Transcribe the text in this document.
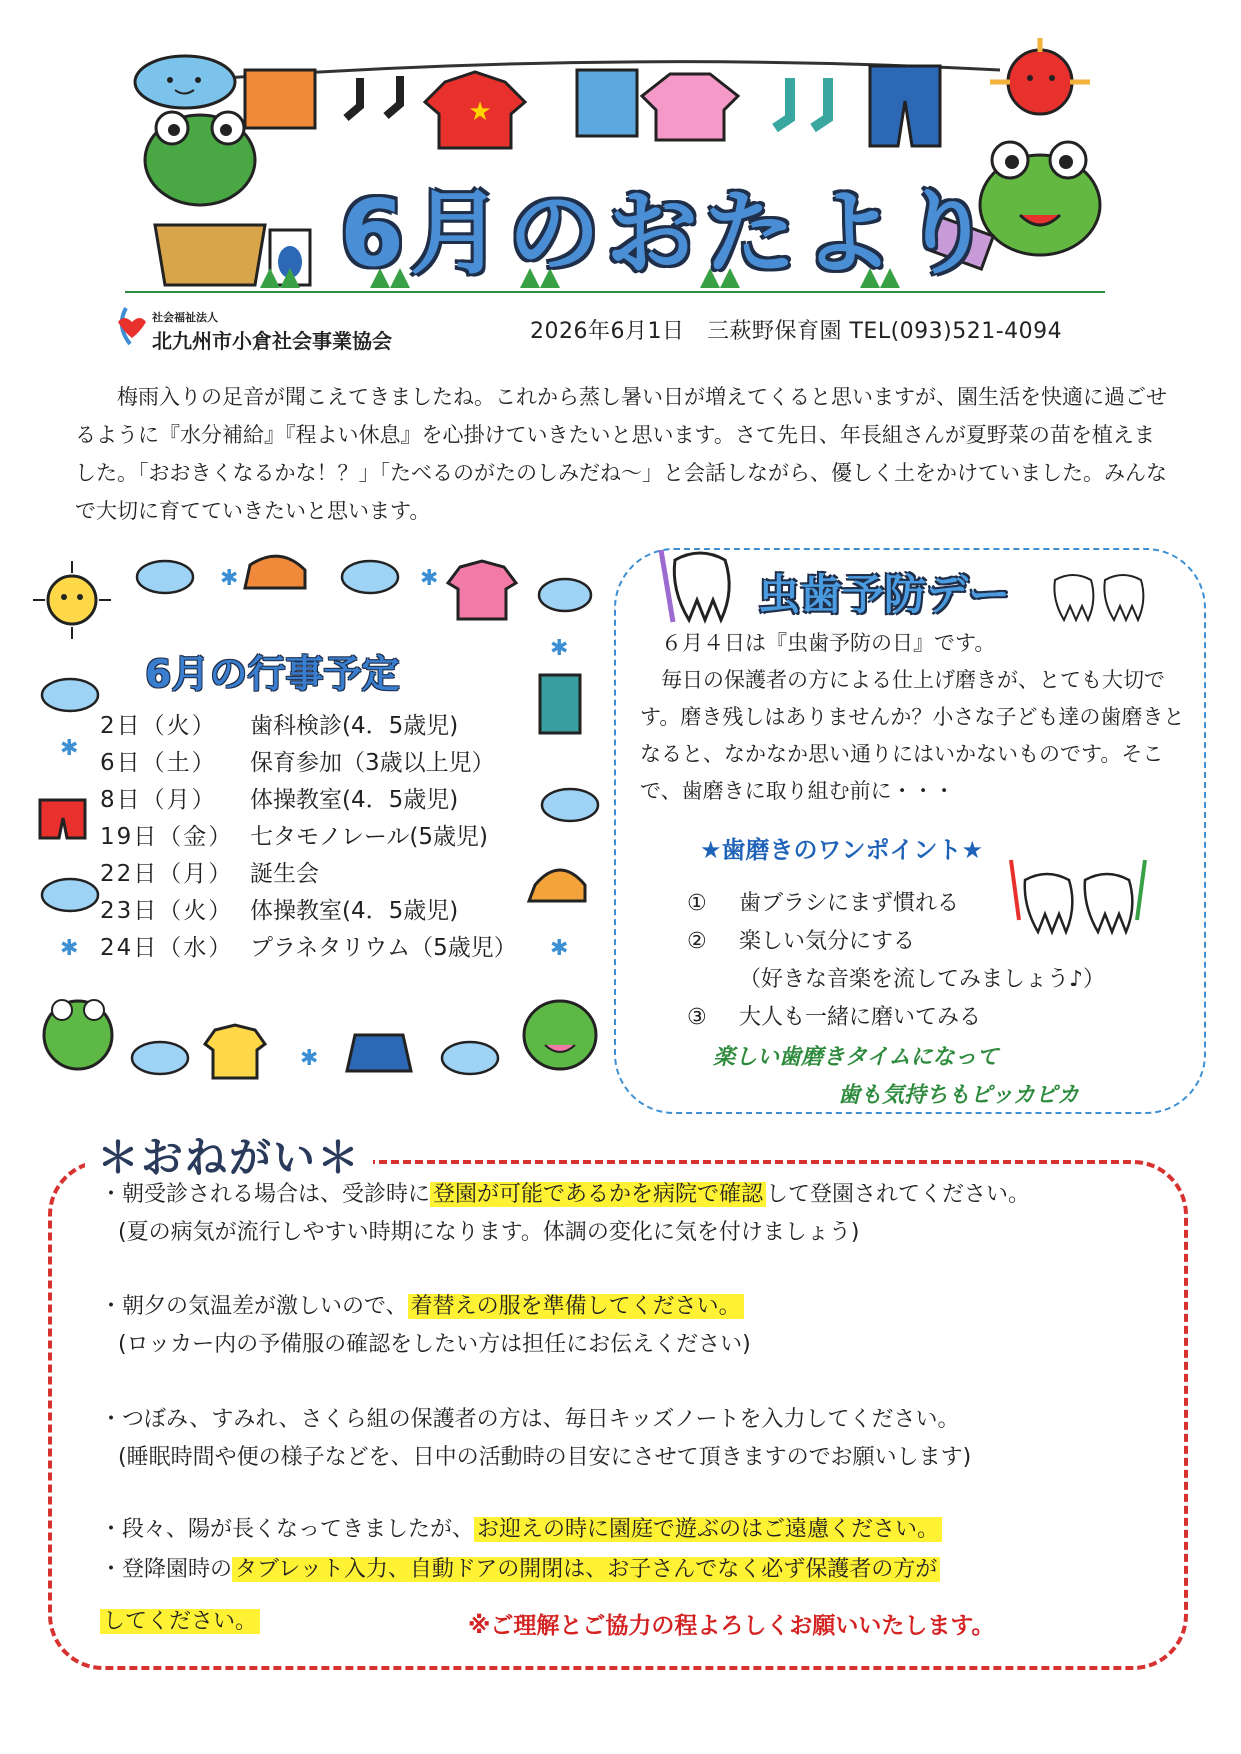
★
6月のおたより
社会福祉法人
北九州市小倉社会事業協会	2026年6月1日　三萩野保育園 TEL(093)521-4094

梅雨入りの足音が聞こえてきましたね。これから蒸し暑い日が増えてくると思いますが、園生活を快適に過ごせるように『水分補給』『程よい休息』を心掛けていきたいと思います。さて先日、年長組さんが夏野菜の苗を植えました。「おおきくなるかな！？」「たべるのがたのしみだね～」と会話しながら、優しく土をかけていました。みんなで大切に育てていきたいと思います。

✱	✱
✱
✱
✱	✱
✱
6月の行事予定
2日（火）	歯科検診(4．5歳児)
6日（土）	保育参加（3歳以上児）
8日（月）	体操教室(4．5歳児)
19日（金） 七タモノレール(5歳児)
22日（月） 誕生会
23日（火） 体操教室(4．5歳児)
24日（水） プラネタリウム（5歳児）
虫歯予防デー

６月４日は『虫歯予防の日』です。

毎日の保護者の方による仕上げ磨きが、とても大切です。磨き残しはありませんか？小さな子ども達の歯磨きとなると、なかなか思い通りにはいかないものです。そこで、歯磨きに取り組む前に・・・

★歯磨きのワンポイント★
① 歯ブラシにまず慣れる
② 楽しい気分にする
（好きな音楽を流してみましょう♪）
③ 大人も一緒に磨いてみる
楽しい歯磨きタイムになって
歯も気持ちもピッカピカ
＊おねがい＊
・朝受診される場合は、受診時に 登園が可能であるかを病院で確認 して登園されてください。
(夏の病気が流行しやすい時期になります。体調の変化に気を付けましょう)
・朝夕の気温差が激しいので、 着替えの服を準備してください。
(ロッカー内の予備服の確認をしたい方は担任にお伝えください)
・つぼみ、すみれ、さくら組の保護者の方は、毎日キッズノートを入力してください。
(睡眠時間や便の様子などを、日中の活動時の目安にさせて頂きますのでお願いします)
・段々、陽が長くなってきましたが、 お迎えの時に園庭で遊ぶのはご遠慮ください。
・登降園時の タブレット入力、自動ドアの開閉は、お子さんでなく必ず保護者の方が
してください。	※ご理解とご協力の程よろしくお願いいたします。
